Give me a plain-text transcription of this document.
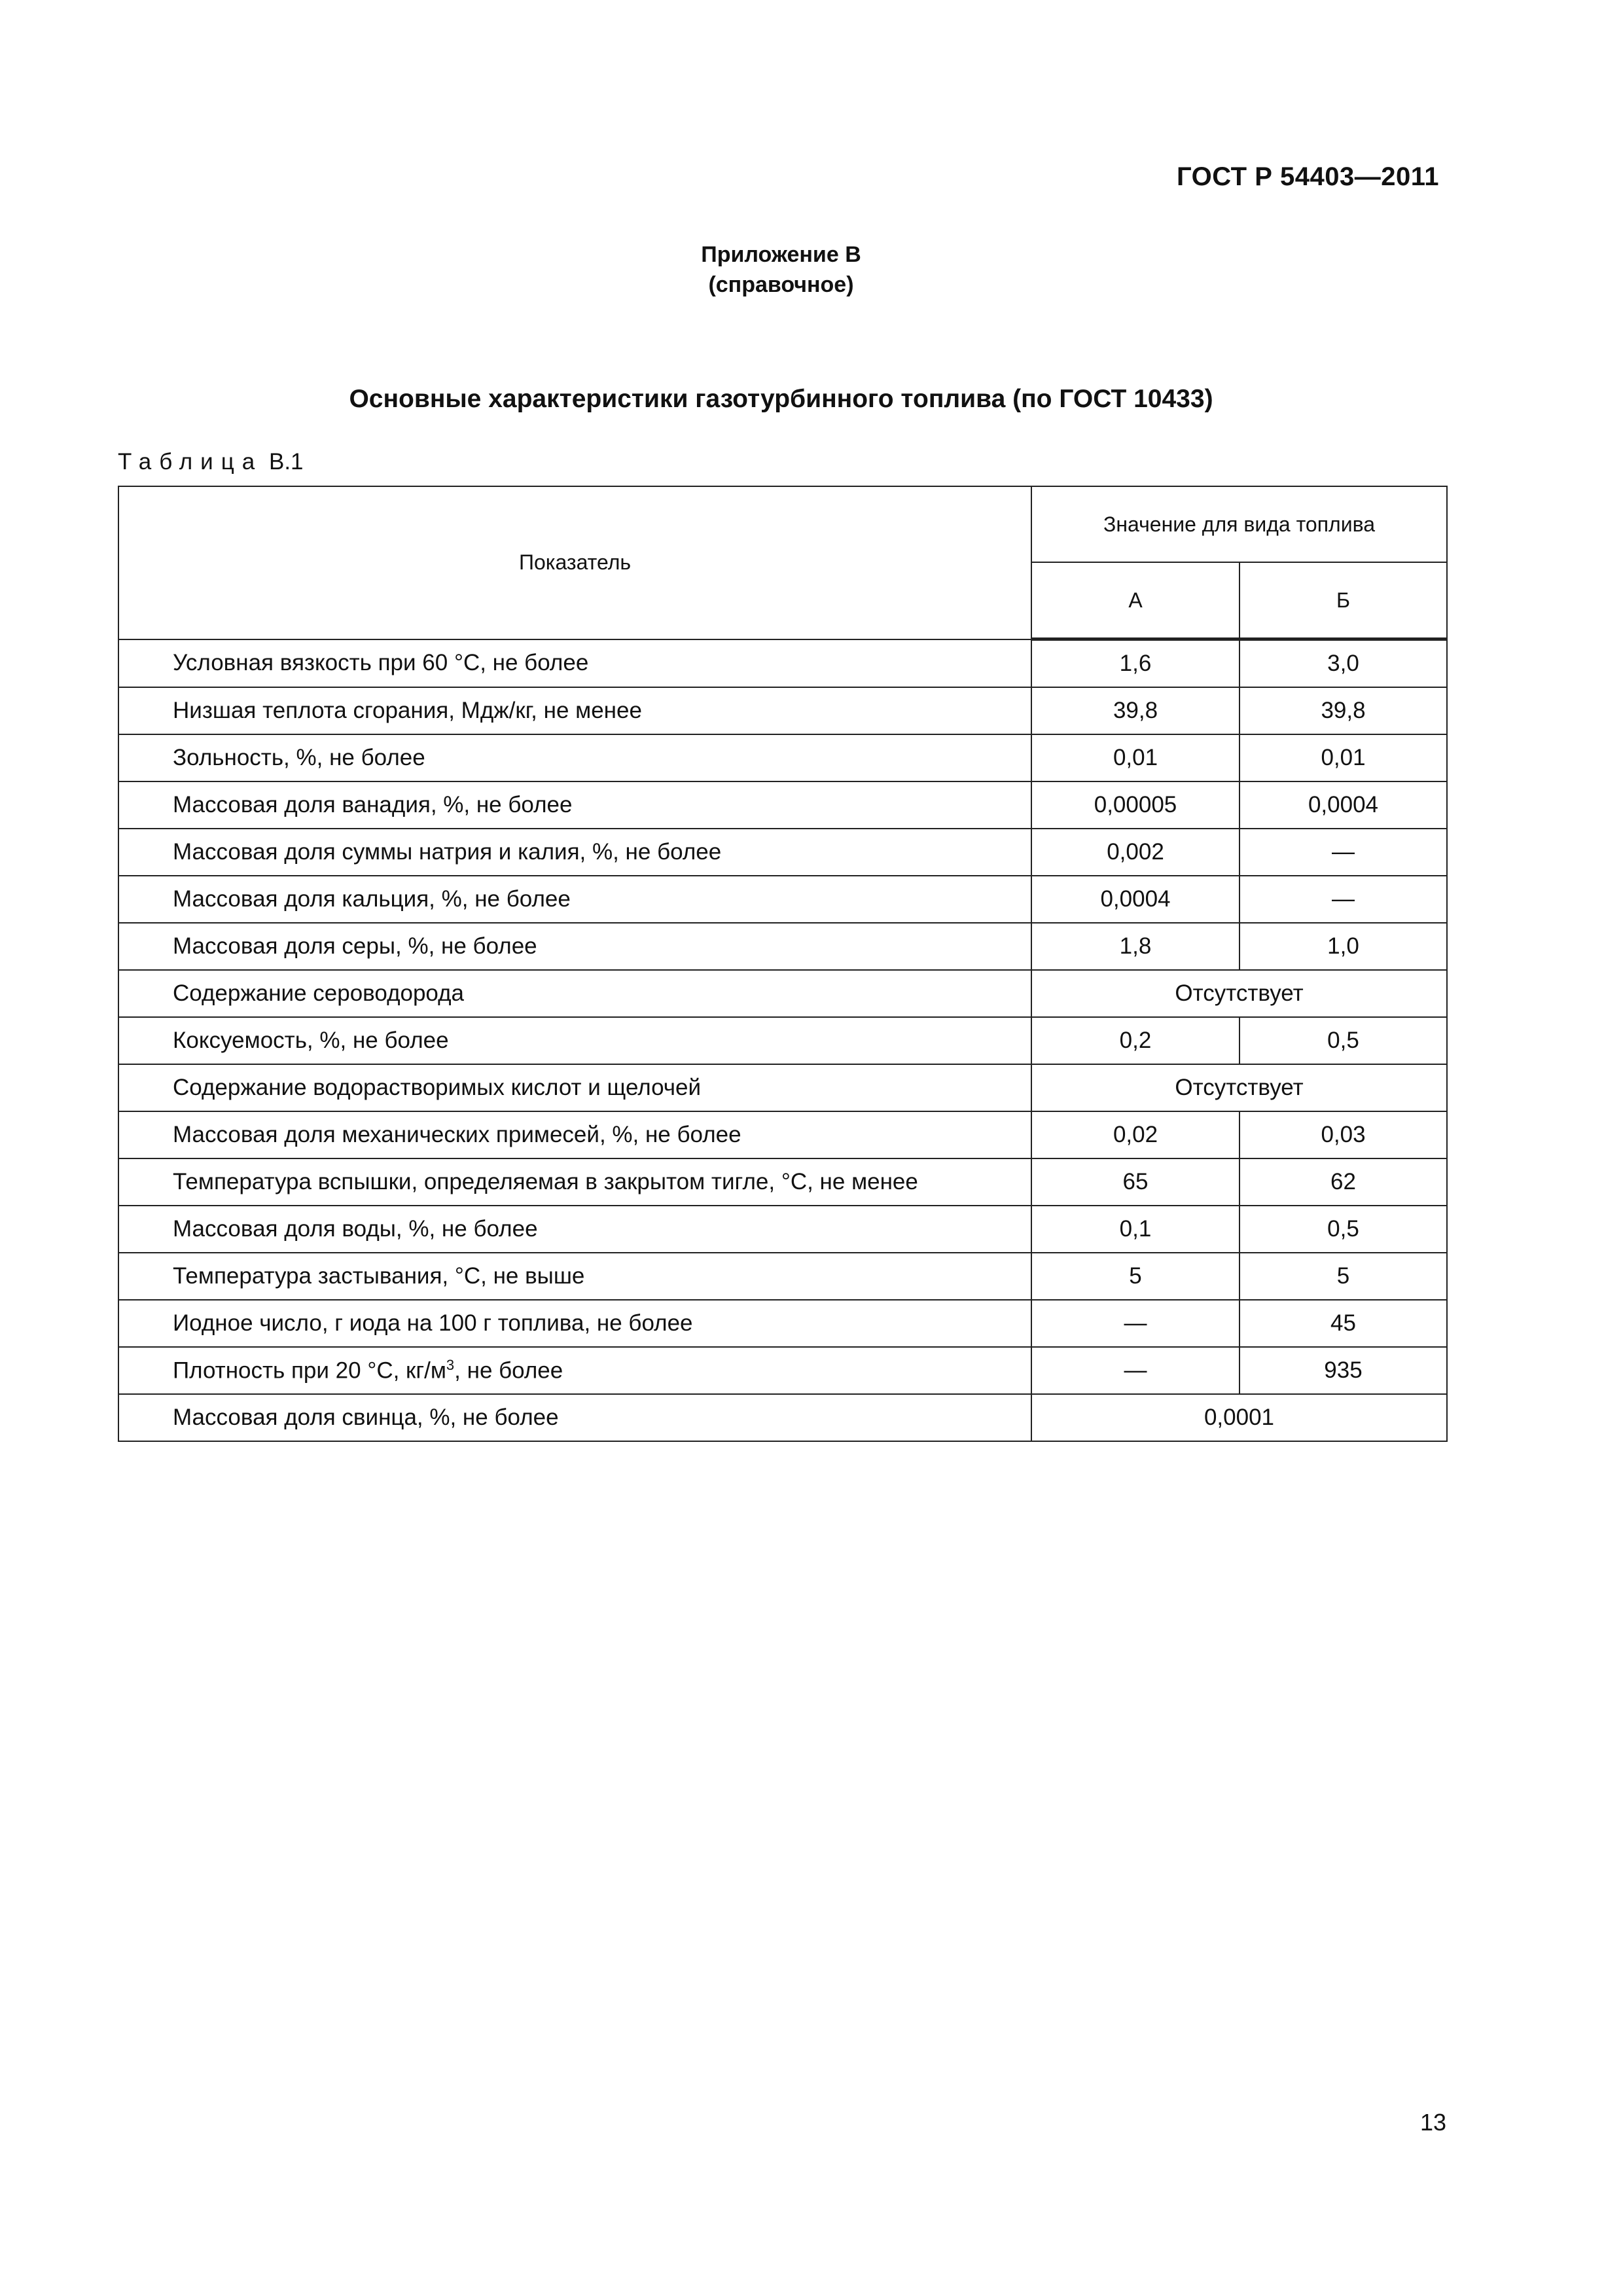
ГОСТ Р 54403—2011
Приложение В
(справочное)
Основные характеристики газотурбинного топлива (по ГОСТ 10433)
Таблица В.1
Показатель	Значение для вида топлива	
	А	Б
Условная вязкость при 60 °С, не более	1,6	3,0
Низшая теплота сгорания, Мдж/кг, не менее	39,8	39,8
Зольность, %, не более	0,01	0,01
Массовая доля ванадия, %, не более	0,00005	0,0004
Массовая доля суммы натрия и калия, %, не более	0,002	—
Массовая доля кальция, %, не более	0,0004	—
Массовая доля серы, %, не более	1,8	1,0
Содержание сероводорода	Отсутствует	
Коксуемость, %, не более	0,2	0,5
Содержание водорастворимых кислот и щелочей	Отсутствует	
Массовая доля механических примесей, %, не более	0,02	0,03
Температура вспышки, определяемая в закрытом тигле, °С, не менее	65	62
Массовая доля воды, %, не более	0,1	0,5
Температура застывания, °С, не выше	5	5
Иодное число, г иода на 100 г топлива, не более	—	45
Плотность при 20 °С, $кг/м^3$, не более	—	935
Массовая доля свинца, %, не более	0,0001	
13
